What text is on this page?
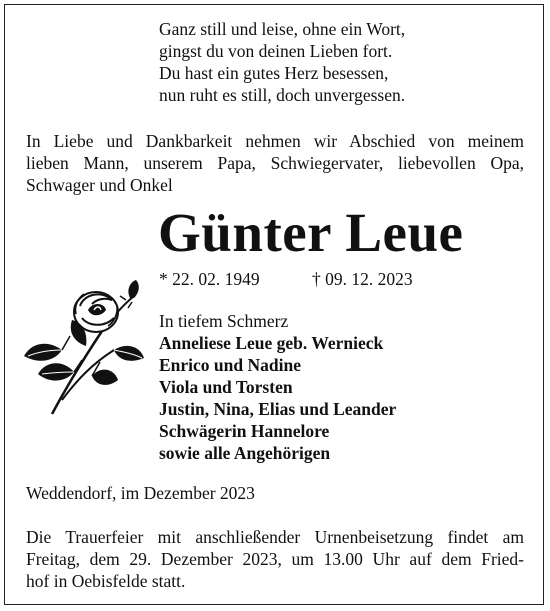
Ganz still und leise, ohne ein Wort,
gingst du von deinen Lieben fort.
Du hast ein gutes Herz besessen,
nun ruht es still, doch unvergessen.
In Liebe und Dankbarkeit nehmen wir Abschied von meinem
lieben Mann, unserem Papa, Schwiegervater, liebevollen Opa,
Schwager und Onkel
Günter Leue
* 22. 02. 1949	† 09. 12. 2023
In tiefem Schmerz
Anneliese Leue geb. Wernieck
Enrico und Nadine
Viola und Torsten
Justin, Nina, Elias und Leander
Schwägerin Hannelore
sowie alle Angehörigen
Weddendorf, im Dezember 2023
Die Trauerfeier mit anschließender Urnenbeisetzung findet am
Freitag, dem 29. Dezember 2023, um 13.00 Uhr auf dem Fried-
hof in Oebisfelde statt.
